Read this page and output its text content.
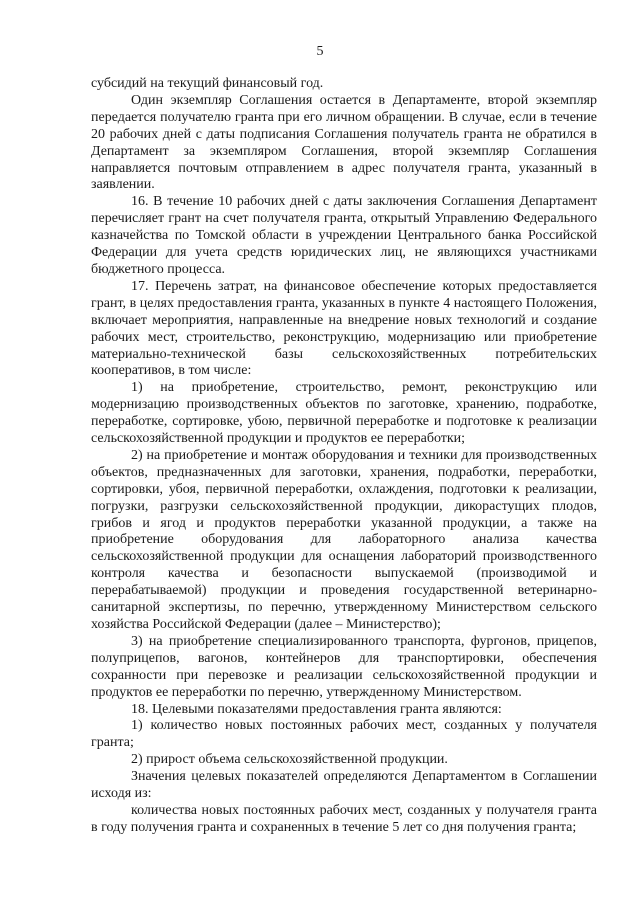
5

субсидий на текущий финансовый год.

Один экземпляр Соглашения остается в Департаменте, второй экземпляр передается получателю гранта при его личном обращении. В случае, если в течение 20 рабочих дней с даты подписания Соглашения получатель гранта не обратился в Департамент за экземпляром Соглашения, второй экземпляр Соглашения направляется почтовым отправлением в адрес получателя гранта, указанный в заявлении.

16. В течение 10 рабочих дней с даты заключения Соглашения Департамент перечисляет грант на счет получателя гранта, открытый Управлению Федерального казначейства по Томской области в учреждении Центрального банка Российской Федерации для учета средств юридических лиц, не являющихся участниками бюджетного процесса.

17. Перечень затрат, на финансовое обеспечение которых предоставляется грант, в целях предоставления гранта, указанных в пункте 4 настоящего Положения, включает мероприятия, направленные на внедрение новых технологий и создание рабочих мест, строительство, реконструкцию, модернизацию или приобретение материально-технической базы сельскохозяйственных потребительских кооперативов, в том числе:

1) на приобретение, строительство, ремонт, реконструкцию или модернизацию производственных объектов по заготовке, хранению, подработке, переработке, сортировке, убою, первичной переработке и подготовке к реализации сельскохозяйственной продукции и продуктов ее переработки;

2) на приобретение и монтаж оборудования и техники для производственных объектов, предназначенных для заготовки, хранения, подработки, переработки, сортировки, убоя, первичной переработки, охлаждения, подготовки к реализации, погрузки, разгрузки сельскохозяйственной продукции, дикорастущих плодов, грибов и ягод и продуктов переработки указанной продукции, а также на приобретение оборудования для лабораторного анализа качества сельскохозяйственной продукции для оснащения лабораторий производственного контроля качества и безопасности выпускаемой (производимой и перерабатываемой) продукции и проведения государственной ветеринарно-санитарной экспертизы, по перечню, утвержденному Министерством сельского хозяйства Российской Федерации (далее – Министерство);

3) на приобретение специализированного транспорта, фургонов, прицепов, полуприцепов, вагонов, контейнеров для транспортировки, обеспечения сохранности при перевозке и реализации сельскохозяйственной продукции и продуктов ее переработки по перечню, утвержденному Министерством.

18. Целевыми показателями предоставления гранта являются:

1) количество новых постоянных рабочих мест, созданных у получателя гранта;

2) прирост объема сельскохозяйственной продукции.

Значения целевых показателей определяются Департаментом в Соглашении исходя из:

количества новых постоянных рабочих мест, созданных у получателя гранта в году получения гранта и сохраненных в течение 5 лет со дня получения гранта;
